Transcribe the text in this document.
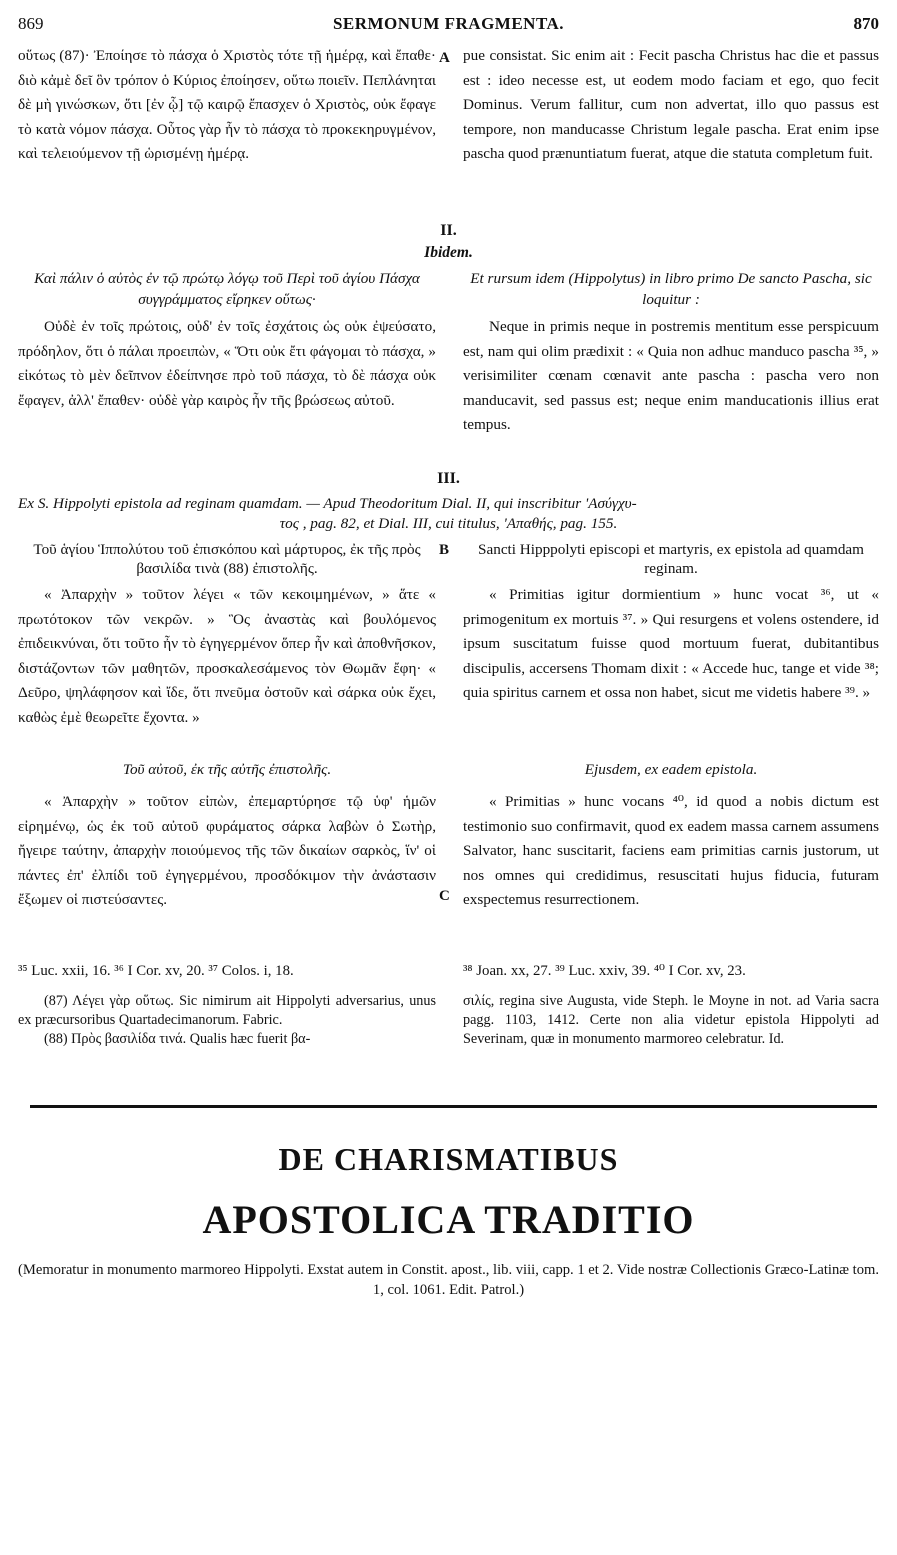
869	SERMONUM FRAGMENTA.	870

οὕτως (87)· Ἐποίησε τὸ πάσχα ὁ Χριστὸς τότε τῇ ἡμέρᾳ, καὶ ἔπαθε· διὸ κἀμὲ δεῖ ὃν τρόπον ὁ Κύριος ἐποίησεν, οὕτω ποιεῖν. Πεπλάνηται δὲ μὴ γινώσκων, ὅτι [ἐν ᾧ] τῷ καιρῷ ἔπασχεν ὁ Χριστὸς, οὐκ ἔφαγε τὸ κατὰ νόμον πάσχα. Οὗτος γὰρ ἦν τὸ πάσχα τὸ προκεκηρυγμένον, καὶ τελειούμενον τῇ ὡρισμένῃ ἡμέρᾳ.

pue consistat. Sic enim ait : Fecit pascha Christus hac die et passus est : ideo necesse est, ut eodem modo faciam et ego, quo fecit Dominus. Verum fallitur, cum non advertat, illo quo passus est tempore, non manducasse Christum legale pascha. Erat enim ipse pascha quod prænuntiatum fuerat, atque die statuta completum fuit.

A
II.
Ibidem.
Καὶ πάλιν ὁ αὐτὸς ἐν τῷ πρώτῳ λόγῳ τοῦ Περὶ τοῦ ἁγίου Πάσχα συγγράμματος εἴρηκεν οὕτως·
Et rursum idem (Hippolytus) in libro primo De sancto Pascha, sic loquitur :

Οὐδὲ ἐν τοῖς πρώτοις, οὐδ' ἐν τοῖς ἐσχάτοις ὡς οὐκ ἐψεύσατο, πρόδηλον, ὅτι ὁ πάλαι προειπὼν, « Ὅτι οὐκ ἔτι φάγομαι τὸ πάσχα, » εἰκότως τὸ μὲν δεῖπνον ἐδείπνησε πρὸ τοῦ πάσχα, τὸ δὲ πάσχα οὐκ ἔφαγεν, ἀλλ' ἔπαθεν· οὐδὲ γὰρ καιρὸς ἦν τῆς βρώσεως αὐτοῦ.

Neque in primis neque in postremis mentitum esse perspicuum est, nam qui olim prædixit : « Quia non adhuc manduco pascha ³⁵, » verisimiliter cœnam cœnavit ante pascha : pascha vero non manducavit, sed passus est; neque enim manducationis illius erat tempus.

III.
Ex S. Hippolyti epistola ad reginam quamdam. — Apud Theodoritum Dial. II, qui inscribitur 'Ασύγχυ-
τος , pag. 82, et Dial. III, cui titulus, 'Απαθής, pag. 155.
Τοῦ ἁγίου Ἱππολύτου τοῦ ἐπισκόπου καὶ μάρτυρος, ἐκ τῆς πρὸς βασιλίδα τινὰ (88) ἐπιστολῆς.
Sancti Hipppolyti episcopi et martyris, ex epistola ad quamdam reginam.
B

« Ἀπαρχὴν » τοῦτον λέγει « τῶν κεκοιμημένων, » ἅτε « πρωτότοκον τῶν νεκρῶν. » Ὃς ἀναστὰς καὶ βουλόμενος ἐπιδεικνύναι, ὅτι τοῦτο ἦν τὸ ἐγηγερμένον ὅπερ ἦν καὶ ἀποθνῆσκον, διστάζοντων τῶν μαθητῶν, προσκαλεσάμενος τὸν Θωμᾶν ἔφη· « Δεῦρο, ψηλάφησον καὶ ἴδε, ὅτι πνεῦμα ὀστοῦν καὶ σάρκα οὐκ ἔχει, καθὼς ἐμὲ θεωρεῖτε ἔχοντα. »

« Primitias igitur dormientium » hunc vocat ³⁶, ut « primogenitum ex mortuis ³⁷. » Qui resurgens et volens ostendere, id ipsum suscitatum fuisse quod mortuum fuerat, dubitantibus discipulis, accersens Thomam dixit : « Accede huc, tange et vide ³⁸; quia spiritus carnem et ossa non habet, sicut me videtis habere ³⁹. »

Τοῦ αὐτοῦ, ἐκ τῆς αὐτῆς ἐπιστολῆς.	Ejusdem, ex eadem epistola.

« Ἀπαρχὴν » τοῦτον εἰπὼν, ἐπεμαρτύρησε τῷ ὑφ' ἡμῶν εἰρημένῳ, ὡς ἐκ τοῦ αὐτοῦ φυράματος σάρκα λαβὼν ὁ Σωτὴρ, ἤγειρε ταύτην, ἀπαρχὴν ποιούμενος τῆς τῶν δικαίων σαρκὸς, ἵν' οἱ πάντες ἐπ' ἐλπίδι τοῦ ἐγηγερμένου, προσδόκιμον τὴν ἀνάστασιν ἔξωμεν οἱ πιστεύσαντες.

« Primitias » hunc vocans ⁴⁰, id quod a nobis dictum est testimonio suo confirmavit, quod ex eadem massa carnem assumens Salvator, hanc suscitarit, faciens eam primitias carnis justorum, ut nos omnes qui credidimus, resuscitati hujus fiducia, futuram exspectemus resurrectionem.

C
³⁵ Luc. xxii, 16. ³⁶ I Cor. xv, 20. ³⁷ Colos. i, 18.	³⁸ Joan. xx, 27. ³⁹ Luc. xxiv, 39. ⁴⁰ I Cor. xv, 23.

(87) Λέγει γὰρ οὕτως. Sic nimirum ait Hippolyti adversarius, unus ex præcursoribus Quartadecimanorum. Fabric.

(88) Πρὸς βασιλίδα τινά. Qualis hæc fuerit βα-

σιλίς, regina sive Augusta, vide Steph. le Moyne in not. ad Varia sacra pagg. 1103, 1412. Certe non alia videtur epistola Hippolyti ad Severinam, quæ in monumento marmoreo celebratur. Id.

DE CHARISMATIBUS
APOSTOLICA TRADITIO
(Memoratur in monumento marmoreo Hippolyti. Exstat autem in Constit. apost., lib. viii, capp. 1 et 2. Vide nostræ Collectionis Græco-Latinæ tom. 1, col. 1061. Edit. Patrol.)
